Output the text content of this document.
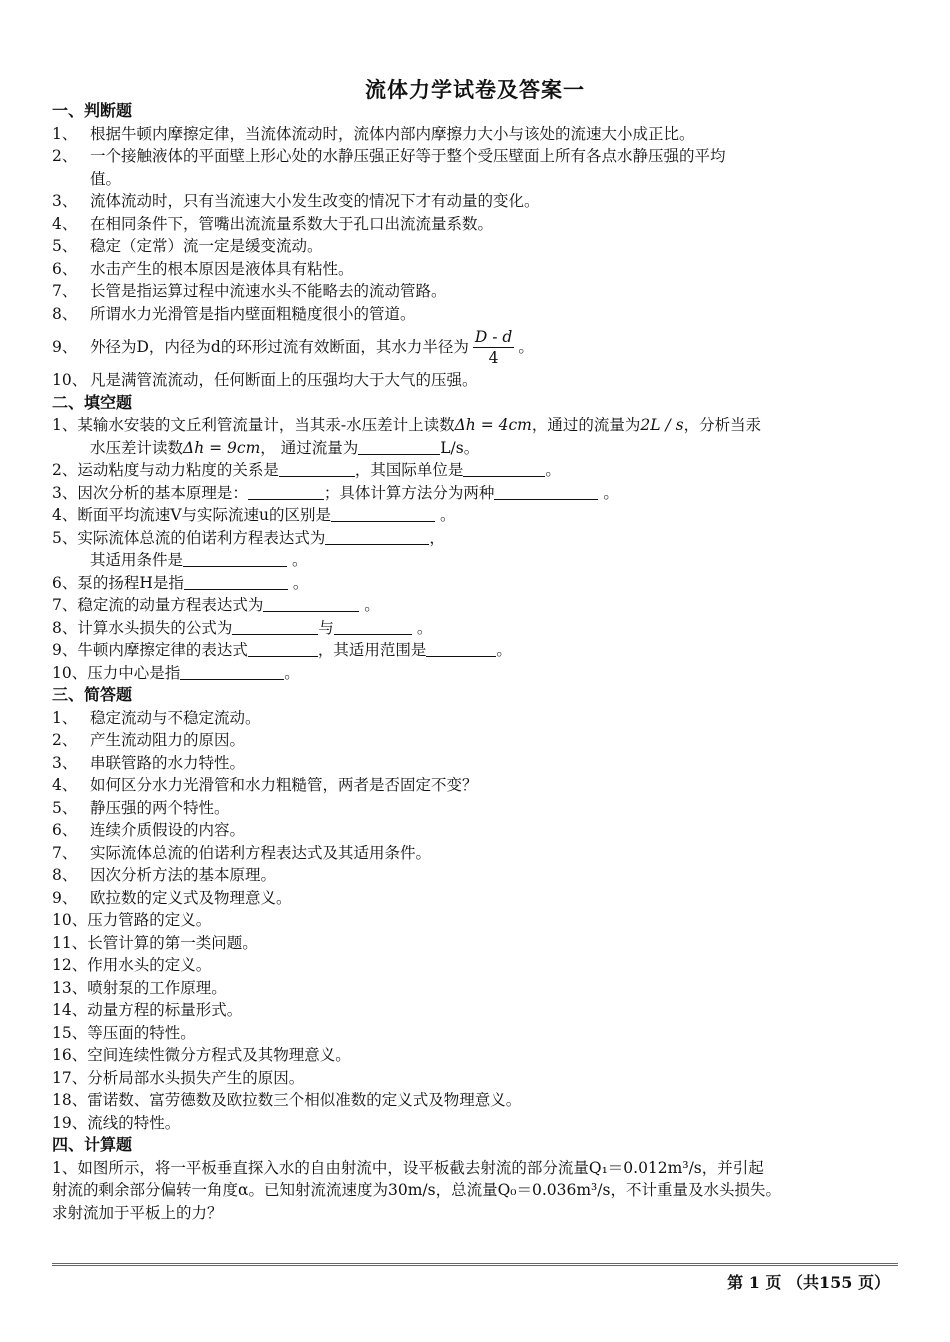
流体力学试卷及答案一
一、判断题
1、 根据牛顿内摩擦定律，当流体流动时，流体内部内摩擦力大小与该处的流速大小成正比。
2、 一个接触液体的平面壁上形心处的水静压强正好等于整个受压壁面上所有各点水静压强的平均
值。
3、 流体流动时，只有当流速大小发生改变的情况下才有动量的变化。
4、 在相同条件下，管嘴出流流量系数大于孔口出流流量系数。
5、 稳定（定常）流一定是缓变流动。
6、 水击产生的根本原因是液体具有粘性。
7、 长管是指运算过程中流速水头不能略去的流动管路。
8、 所谓水力光滑管是指内壁面粗糙度很小的管道。
9、 外径为D，内径为d的环形过流有效断面，其水力半径为 $\frac{D - d}{4}$ 。
10、 凡是满管流流动，任何断面上的压强均大于大气的压强。
二、填空题
1、某输水安装的文丘利管流量计，当其汞-水压差计上读数Δh = 4cm，通过的流量为2L / s，分析当汞
水压差计读数Δh = 9cm， 通过流量为	L/s。
2、运动粘度与动力粘度的关系是	，其国际单位是	。
3、因次分析的基本原理是：	；具体计算方法分为两种	。
4、断面平均流速V与实际流速u的区别是	。
5、实际流体总流的伯诺利方程表达式为	，
其适用条件是	。
6、泵的扬程H是指	。
7、稳定流的动量方程表达式为	。
8、计算水头损失的公式为	与	。
9、牛顿内摩擦定律的表达式	，其适用范围是	。
10、压力中心是指	。
三、简答题
1、 稳定流动与不稳定流动。
2、 产生流动阻力的原因。
3、 串联管路的水力特性。
4、 如何区分水力光滑管和水力粗糙管，两者是否固定不变？
5、 静压强的两个特性。
6、 连续介质假设的内容。
7、 实际流体总流的伯诺利方程表达式及其适用条件。
8、 因次分析方法的基本原理。
9、 欧拉数的定义式及物理意义。
10、压力管路的定义。
11、长管计算的第一类问题。
12、作用水头的定义。
13、喷射泵的工作原理。
14、动量方程的标量形式。
15、等压面的特性。
16、空间连续性微分方程式及其物理意义。
17、分析局部水头损失产生的原因。
18、雷诺数、富劳德数及欧拉数三个相似准数的定义式及物理意义。
19、流线的特性。
四、计算题
1、如图所示，将一平板垂直探入水的自由射流中，设平板截去射流的部分流量Q₁＝0.012m³/s，并引起
射流的剩余部分偏转一角度α。已知射流流速度为30m/s，总流量Q₀＝0.036m³/s，不计重量及水头损失。
求射流加于平板上的力？
第 1 页 （共155 页）
